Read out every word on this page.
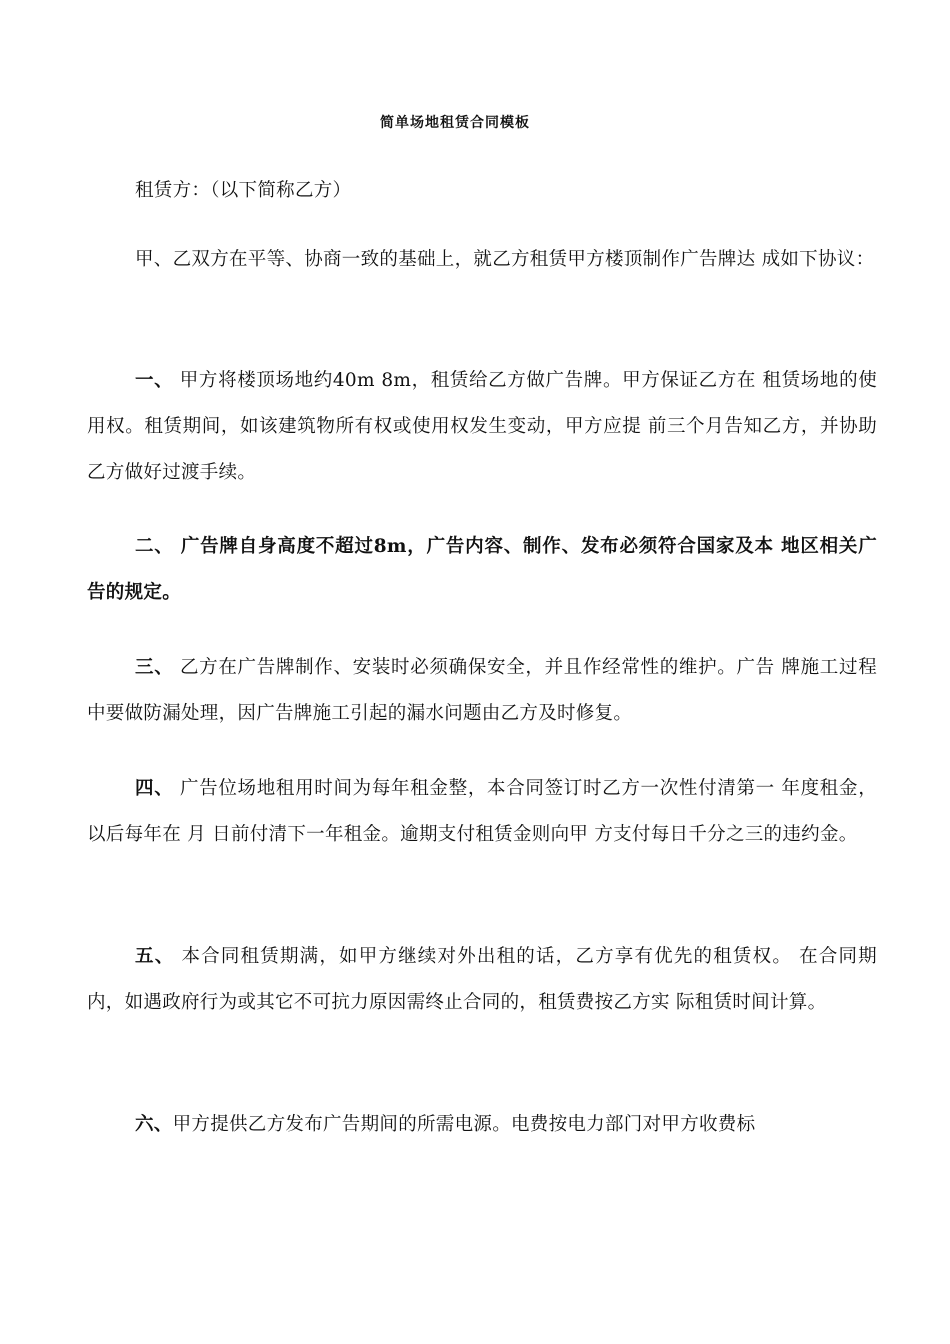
简单场地租赁合同模板
租赁方：（以下简称乙方）
甲、乙双方在平等、协商一致的基础上，就乙方租赁甲方楼顶制作广告牌达 成如下协议：
一、 甲方将楼顶场地约40m 8m，租赁给乙方做广告牌。甲方保证乙方在 租赁场地的使用权。租赁期间，如该建筑物所有权或使用权发生变动，甲方应提 前三个月告知乙方，并协助乙方做好过渡手续。
二、 广告牌自身高度不超过8m，广告内容、制作、发布必须符合国家及本 地区相关广告的规定。
三、 乙方在广告牌制作、安装时必须确保安全，并且作经常性的维护。广告 牌施工过程中要做防漏处理，因广告牌施工引起的漏水问题由乙方及时修复。
四、 广告位场地租用时间为每年租金整，本合同签订时乙方一次性付清第一 年度租金，以后每年在 月 日前付清下一年租金。逾期支付租赁金则向甲 方支付每日千分之三的违约金。
五、 本合同租赁期满，如甲方继续对外出租的话，乙方享有优先的租赁权。 在合同期内，如遇政府行为或其它不可抗力原因需终止合同的，租赁费按乙方实 际租赁时间计算。
六、甲方提供乙方发布广告期间的所需电源。电费按电力部门对甲方收费标
